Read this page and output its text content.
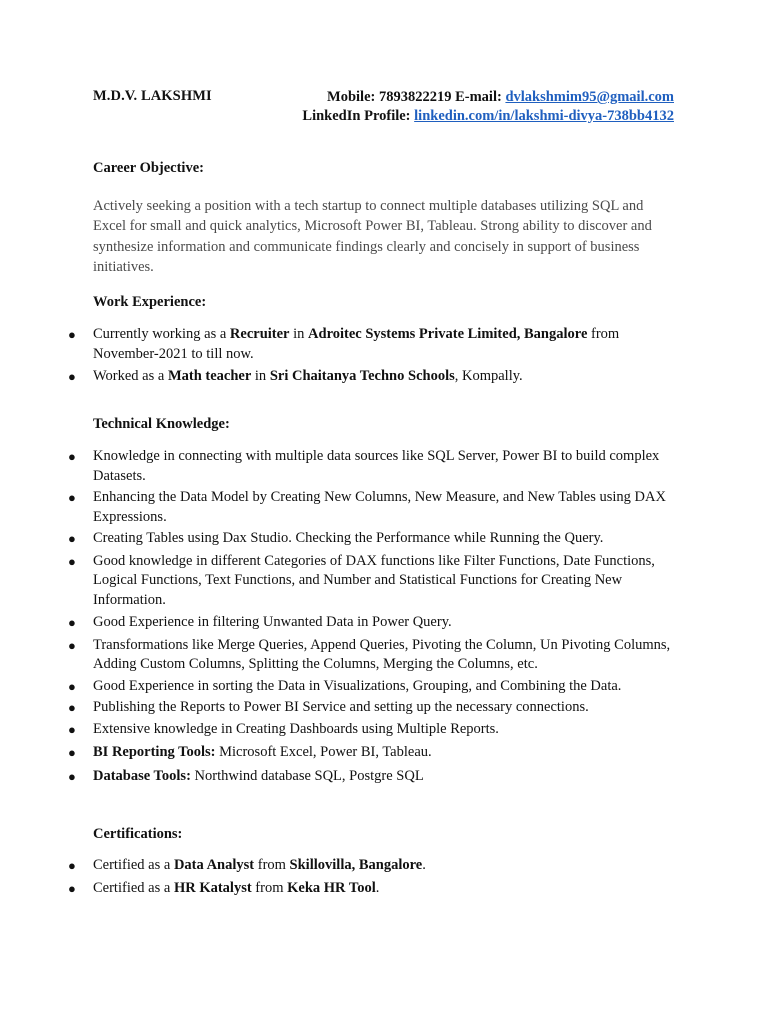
M.D.V. LAKSHMI	Mobile: 7893822219 E-mail: dvlakshmim95@gmail.com
LinkedIn Profile: linkedin.com/in/lakshmi-divya-738bb4132
Career Objective:
Actively seeking a position with a tech startup to connect multiple databases utilizing SQL and Excel for small and quick analytics, Microsoft Power BI, Tableau. Strong ability to discover and synthesize information and communicate findings clearly and concisely in support of business initiatives.
Work Experience:
● Currently working as a Recruiter in Adroitec Systems Private Limited, Bangalore from November-2021 to till now.
● Worked as a Math teacher in Sri Chaitanya Techno Schools, Kompally.
Technical Knowledge:
● Knowledge in connecting with multiple data sources like SQL Server, Power BI to build complex Datasets.
● Enhancing the Data Model by Creating New Columns, New Measure, and New Tables using DAX Expressions.
● Creating Tables using Dax Studio. Checking the Performance while Running the Query.
● Good knowledge in different Categories of DAX functions like Filter Functions, Date Functions, Logical Functions, Text Functions, and Number and Statistical Functions for Creating New Information.
● Good Experience in filtering Unwanted Data in Power Query.
● Transformations like Merge Queries, Append Queries, Pivoting the Column, Un Pivoting Columns, Adding Custom Columns, Splitting the Columns, Merging the Columns, etc.
● Good Experience in sorting the Data in Visualizations, Grouping, and Combining the Data.
● Publishing the Reports to Power BI Service and setting up the necessary connections.
● Extensive knowledge in Creating Dashboards using Multiple Reports.
● BI Reporting Tools: Microsoft Excel, Power BI, Tableau.
● Database Tools: Northwind database SQL, Postgre SQL
Certifications:
● Certified as a Data Analyst from Skillovilla, Bangalore.
● Certified as a HR Katalyst from Keka HR Tool.
